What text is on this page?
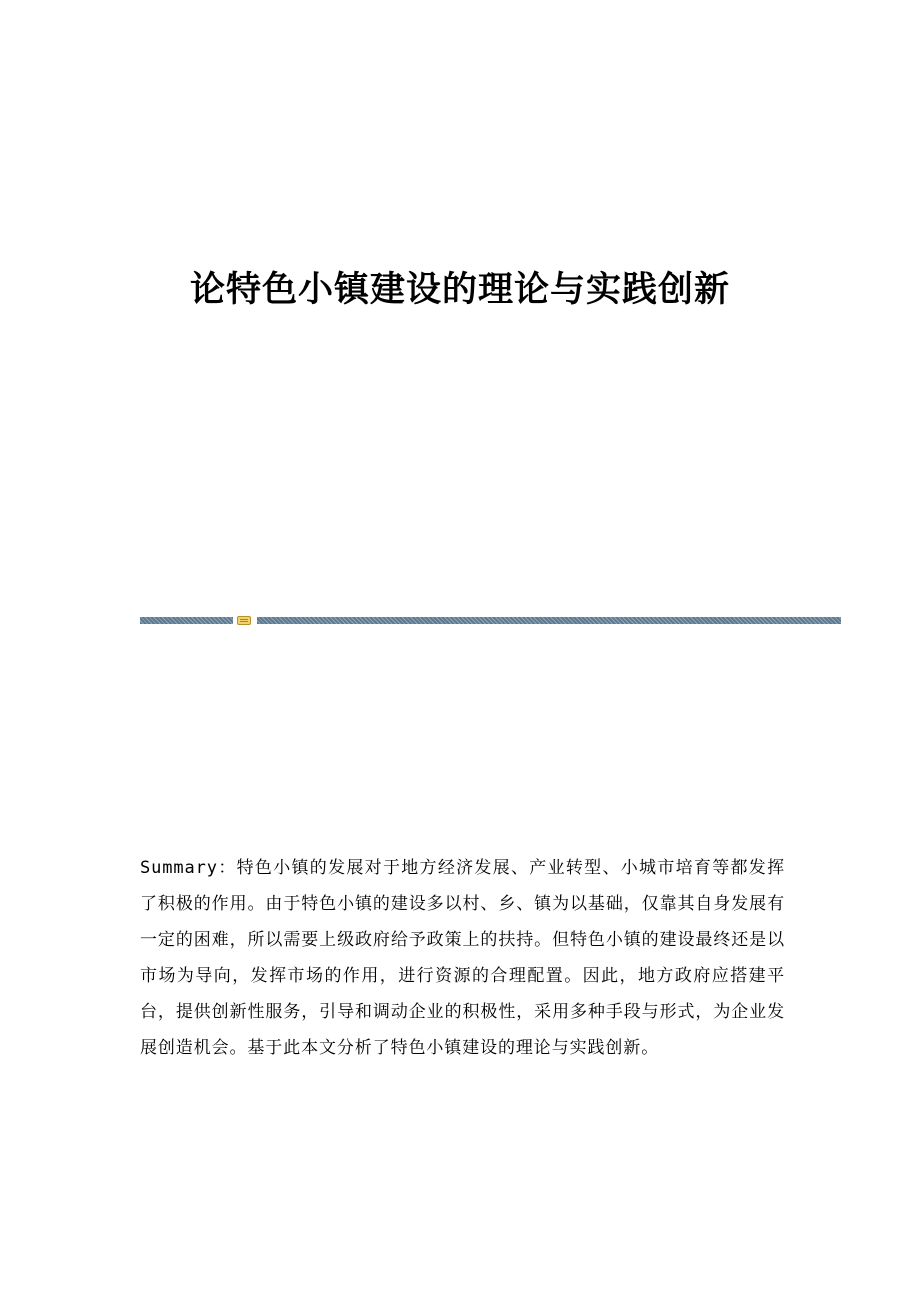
论特色小镇建设的理论与实践创新

Summary：特色小镇的发展对于地方经济发展、产业转型、小城市培育等都发挥了积极的作用。由于特色小镇的建设多以村、乡、镇为以基础，仅靠其自身发展有一定的困难，所以需要上级政府给予政策上的扶持。但特色小镇的建设最终还是以市场为导向，发挥市场的作用，进行资源的合理配置。因此，地方政府应搭建平台，提供创新性服务，引导和调动企业的积极性，采用多种手段与形式，为企业发展创造机会。基于此本文分析了特色小镇建设的理论与实践创新。
